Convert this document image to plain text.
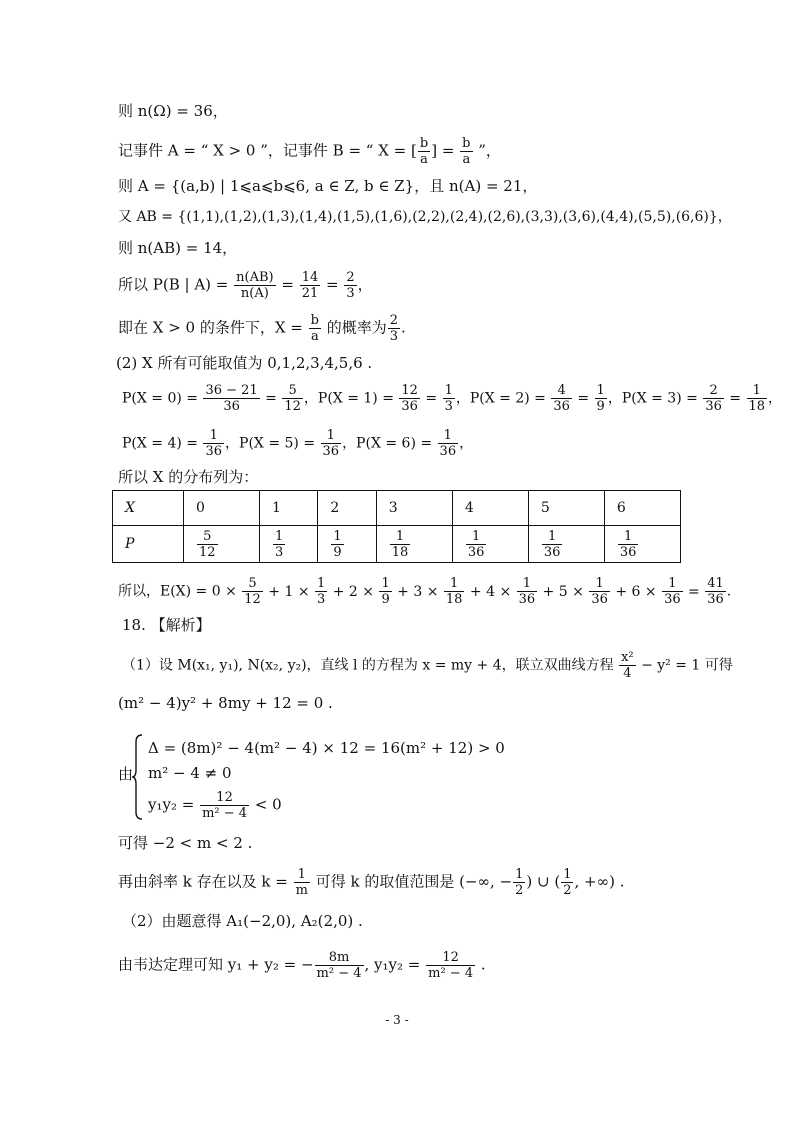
则 n(Ω) = 36，
记事件 A = “ X > 0 ”，记事件 B = “ X = [ $\frac{b}{a}$ ] = $\frac{b}{a}$ ”，
则 A = {(a,b) | 1⩽a⩽b⩽6, a ∈ Z, b ∈ Z}，且 n(A) = 21，
又 AB = {(1,1),(1,2),(1,3),(1,4),(1,5),(1,6),(2,2),(2,4),(2,6),(3,3),(3,6),(4,4),(5,5),(6,6)}，
则 n(AB) = 14，
所以 P(B | $A) = \frac{n(AB)}{n(A)} = \frac{14}{21} = \frac{2}{3}$ ，
即在 X > 0 的条件下，$X = \frac{b}{a}$ 的概率为 $\frac{2}{3}$ .
(2) X 所有可能取值为 0,1,2,3,4,5,6 .
$P(X = 0) = \frac{36 - 21}{36} = \frac{5}{12}$ ，$P(X = 1) = \frac{12}{36} = \frac{1}{3}$ ，$P(X = 2) = \frac{4}{36} = \frac{1}{9}$ ，$P(X = 3) = \frac{2}{36} = \frac{1}{18}$ ，
$P(X = 4) = \frac{1}{36}$ ，$P(X = 5) = \frac{1}{36}$ ，$P(X = 6) = \frac{1}{36}$ ，
所以 X 的分布列为：
X	0	1	2	3	4	5	6
P	$\frac{5}{12}$	$\frac{1}{3}$	$\frac{1}{9}$	$\frac{1}{18}$	$\frac{1}{36}$	$\frac{1}{36}$	$\frac{1}{36}$
所以，$E(X) = 0 \times \frac{5}{12} + 1 \times \frac{1}{3} + 2 \times \frac{1}{9} + 3 \times \frac{1}{18} + 4 \times \frac{1}{36} + 5 \times \frac{1}{36} + 6 \times \frac{1}{36} = \frac{41}{36}$ .
18. 【解析】
（1）设 M(x₁, y₁), N(x₂, y₂)，直线 l 的方程为 x = my + 4，联立双曲线方程 $\frac{\text{x²}}{4} - y^2 = 1$ 可得
(m² − 4)y² + 8my + 12 = 0 .
由
Δ = (8m)² − 4(m² − 4) × 12 = 16(m² + 12) > 0
m² − 4 ≠ 0
$y_1y_2 = \frac{12}{\text{m² − 4}} < 0$
可得 −2 < m < 2 .
再由斜率 k 存在以及 $k = \frac{1}{m}$ 可得 k 的取值范围是 (−∞, − $\frac{1}{2}$ ) ∪ ( $\frac{1}{2}$ , +∞) .
（2）由题意得 A₁(−2,0), A₂(2,0) .
由韦达定理可知 y₁ + y₂ = − $\frac{8m}{\text{m² − 4}}$ , $y_1y_2 = \frac{12}{\text{m² − 4}}$ .
- 3 -
